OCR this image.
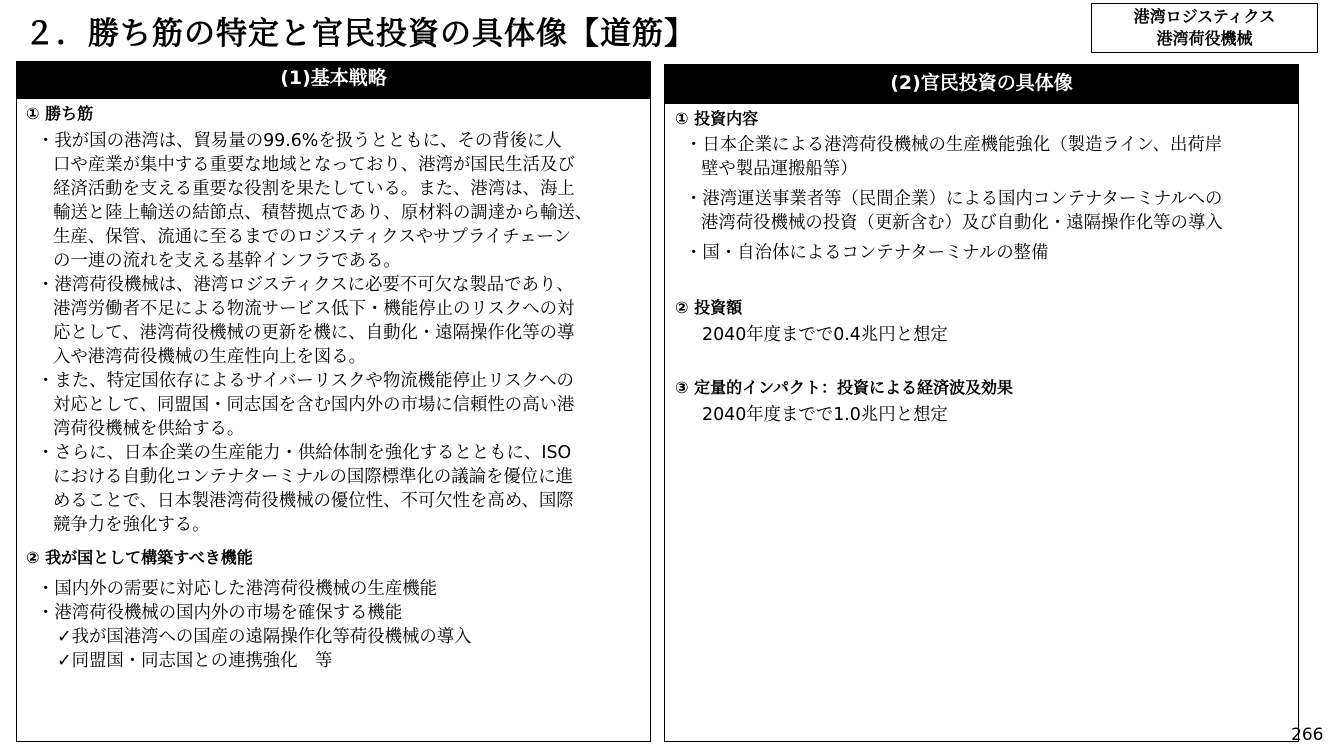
２．勝ち筋の特定と官民投資の具体像【道筋】	港湾ロジスティクス
港湾荷役機械
(1)基本戦略
① 勝ち筋
・我が国の港湾は、貿易量の99.6%を扱うとともに、その背後に人
口や産業が集中する重要な地域となっており、港湾が国民生活及び
経済活動を支える重要な役割を果たしている。また、港湾は、海上
輸送と陸上輸送の結節点、積替拠点であり、原材料の調達から輸送、
生産、保管、流通に至るまでのロジスティクスやサプライチェーン
の一連の流れを支える基幹インフラである。
・港湾荷役機械は、港湾ロジスティクスに必要不可欠な製品であり、
港湾労働者不足による物流サービス低下・機能停止のリスクへの対
応として、港湾荷役機械の更新を機に、自動化・遠隔操作化等の導
入や港湾荷役機械の生産性向上を図る。
・また、特定国依存によるサイバーリスクや物流機能停止リスクへの
対応として、同盟国・同志国を含む国内外の市場に信頼性の高い港
湾荷役機械を供給する。
・さらに、日本企業の生産能力・供給体制を強化するとともに、ISO
における自動化コンテナターミナルの国際標準化の議論を優位に進
めることで、日本製港湾荷役機械の優位性、不可欠性を高め、国際
競争力を強化する。
② 我が国として構築すべき機能
・国内外の需要に対応した港湾荷役機械の生産機能
・港湾荷役機械の国内外の市場を確保する機能
✓我が国港湾への国産の遠隔操作化等荷役機械の導入
✓同盟国・同志国との連携強化　等
(2)官民投資の具体像
① 投資内容
・日本企業による港湾荷役機械の生産機能強化（製造ライン、出荷岸
壁や製品運搬船等）
・港湾運送事業者等（民間企業）による国内コンテナターミナルへの
港湾荷役機械の投資（更新含む）及び自動化・遠隔操作化等の導入
・国・自治体によるコンテナターミナルの整備
② 投資額
2040年度までで0.4兆円と想定
③ 定量的インパクト：投資による経済波及効果
2040年度までで1.0兆円と想定
266
